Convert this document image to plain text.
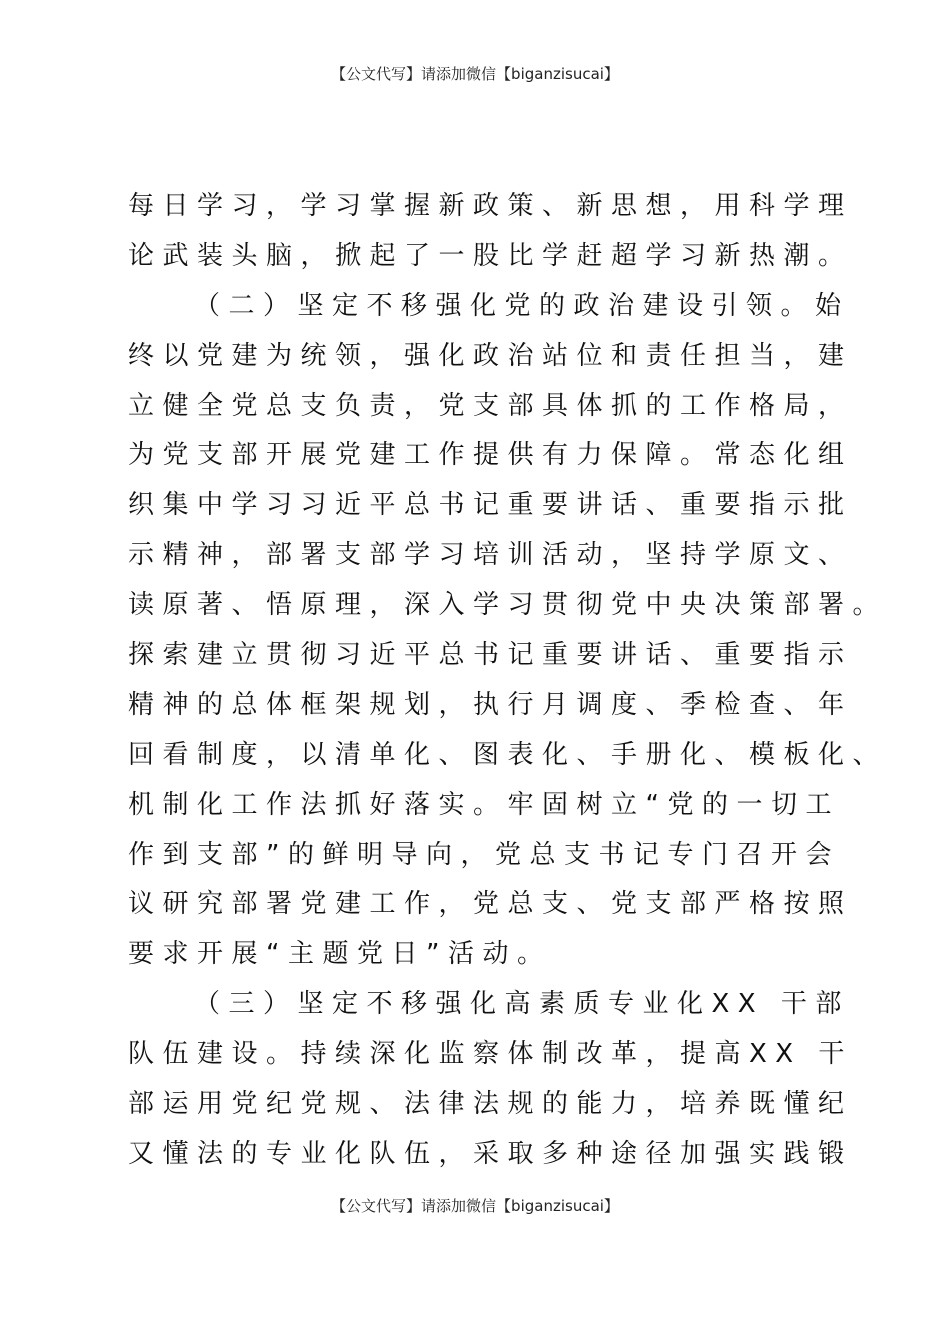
【公文代写】请添加微信【biganzisucai】
每日学习，学习掌握新政策、新思想，用科学理
论武装头脑，掀起了一股比学赶超学习新热潮。
（二）坚定不移强化党的政治建设引领。始
终以党建为统领，强化政治站位和责任担当，建
立健全党总支负责，党支部具体抓的工作格局，
为党支部开展党建工作提供有力保障。常态化组
织集中学习习近平总书记重要讲话、重要指示批
示精神，部署支部学习培训活动，坚持学原文、
读原著、悟原理，深入学习贯彻党中央决策部署。
探索建立贯彻习近平总书记重要讲话、重要指示
精神的总体框架规划，执行月调度、季检查、年
回看制度，以清单化、图表化、手册化、模板化、
机制化工作法抓好落实。牢固树立“党的一切工
作到支部”的鲜明导向，党总支书记专门召开会
议研究部署党建工作，党总支、党支部严格按照
要求开展“主题党日”活动。
（三）坚定不移强化高素质专业化XX 干部
队伍建设。持续深化监察体制改革，提高XX 干
部运用党纪党规、法律法规的能力，培养既懂纪
又懂法的专业化队伍，采取多种途径加强实践锻
【公文代写】请添加微信【biganzisucai】
